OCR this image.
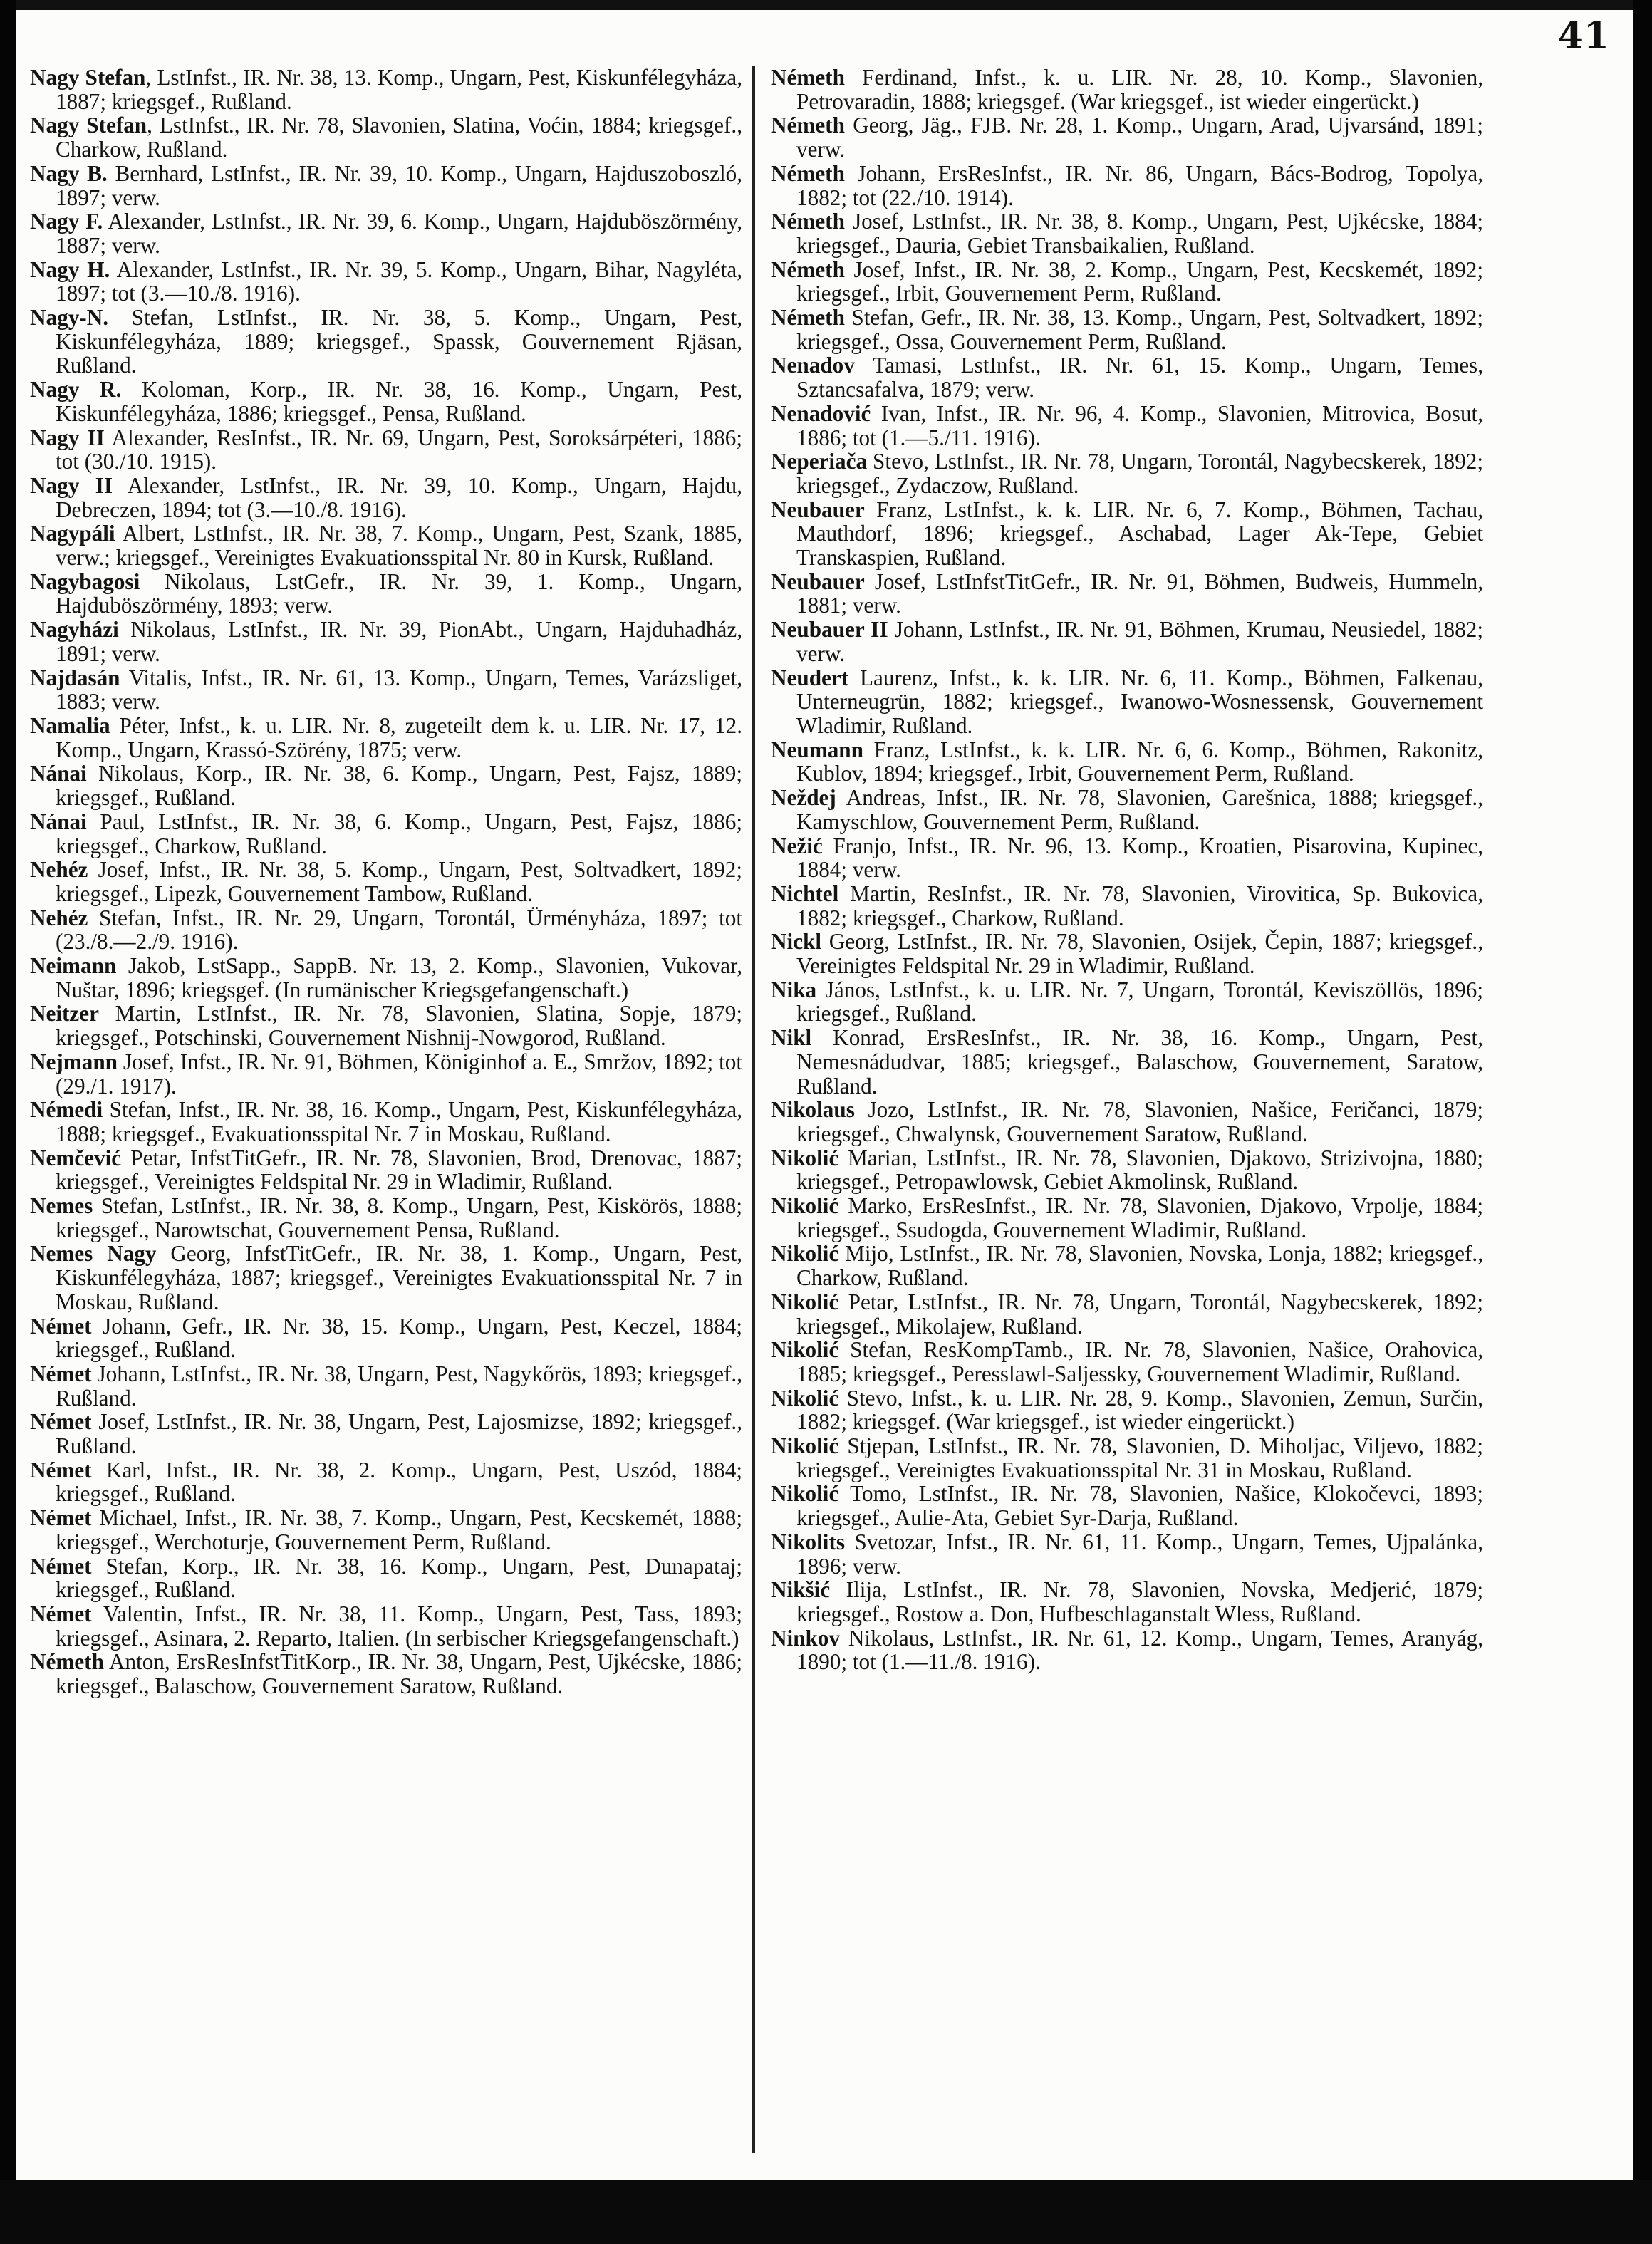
41

Nagy Stefan, LstInfst., IR. Nr. 38, 13. Komp., Ungarn, Pest, Kiskunfélegyháza, 1887; kriegsgef., Rußland.

Nagy Stefan, LstInfst., IR. Nr. 78, Slavonien, Slatina, Voćin, 1884; kriegsgef., Charkow, Rußland.

Nagy B. Bernhard, LstInfst., IR. Nr. 39, 10. Komp., Ungarn, Hajduszoboszló, 1897; verw.

Nagy F. Alexander, LstInfst., IR. Nr. 39, 6. Komp., Ungarn, Hajduböszörmény, 1887; verw.

Nagy H. Alexander, LstInfst., IR. Nr. 39, 5. Komp., Ungarn, Bihar, Nagyléta, 1897; tot (3.—10./8. 1916).

Nagy-N. Stefan, LstInfst., IR. Nr. 38, 5. Komp., Ungarn, Pest, Kiskunfélegyháza, 1889; kriegsgef., Spassk, Gouvernement Rjäsan, Rußland.

Nagy R. Koloman, Korp., IR. Nr. 38, 16. Komp., Ungarn, Pest, Kiskunfélegyháza, 1886; kriegsgef., Pensa, Rußland.

Nagy II Alexander, ResInfst., IR. Nr. 69, Ungarn, Pest, Soroksárpéteri, 1886; tot (30./10. 1915).

Nagy II Alexander, LstInfst., IR. Nr. 39, 10. Komp., Ungarn, Hajdu, Debreczen, 1894; tot (3.—10./8. 1916).

Nagypáli Albert, LstInfst., IR. Nr. 38, 7. Komp., Ungarn, Pest, Szank, 1885, verw.; kriegsgef., Vereinigtes Evakuationsspital Nr. 80 in Kursk, Rußland.

Nagybagosi Nikolaus, LstGefr., IR. Nr. 39, 1. Komp., Ungarn, Hajduböszörmény, 1893; verw.

Nagyházi Nikolaus, LstInfst., IR. Nr. 39, PionAbt., Ungarn, Hajduhadház, 1891; verw.

Najdasán Vitalis, Infst., IR. Nr. 61, 13. Komp., Ungarn, Temes, Varázsliget, 1883; verw.

Namalia Péter, Infst., k. u. LIR. Nr. 8, zugeteilt dem k. u. LIR. Nr. 17, 12. Komp., Ungarn, Krassó-Szörény, 1875; verw.

Nánai Nikolaus, Korp., IR. Nr. 38, 6. Komp., Ungarn, Pest, Fajsz, 1889; kriegsgef., Rußland.

Nánai Paul, LstInfst., IR. Nr. 38, 6. Komp., Ungarn, Pest, Fajsz, 1886; kriegsgef., Charkow, Rußland.

Nehéz Josef, Infst., IR. Nr. 38, 5. Komp., Ungarn, Pest, Soltvadkert, 1892; kriegsgef., Lipezk, Gouvernement Tambow, Rußland.

Nehéz Stefan, Infst., IR. Nr. 29, Ungarn, Torontál, Ürményháza, 1897; tot (23./8.—2./9. 1916).

Neimann Jakob, LstSapp., SappB. Nr. 13, 2. Komp., Slavonien, Vukovar, Nuštar, 1896; kriegsgef. (In rumänischer Kriegsgefangenschaft.)

Neitzer Martin, LstInfst., IR. Nr. 78, Slavonien, Slatina, Sopje, 1879; kriegsgef., Potschinski, Gouvernement Nishnij-Nowgorod, Rußland.

Nejmann Josef, Infst., IR. Nr. 91, Böhmen, Königinhof a. E., Smržov, 1892; tot (29./1. 1917).

Némedi Stefan, Infst., IR. Nr. 38, 16. Komp., Ungarn, Pest, Kiskunfélegyháza, 1888; kriegsgef., Evakuationsspital Nr. 7 in Moskau, Rußland.

Nemčević Petar, InfstTitGefr., IR. Nr. 78, Slavonien, Brod, Drenovac, 1887; kriegsgef., Vereinigtes Feldspital Nr. 29 in Wladimir, Rußland.

Nemes Stefan, LstInfst., IR. Nr. 38, 8. Komp., Ungarn, Pest, Kiskörös, 1888; kriegsgef., Narowtschat, Gouvernement Pensa, Rußland.

Nemes Nagy Georg, InfstTitGefr., IR. Nr. 38, 1. Komp., Ungarn, Pest, Kiskunfélegyháza, 1887; kriegsgef., Vereinigtes Evakuationsspital Nr. 7 in Moskau, Rußland.

Német Johann, Gefr., IR. Nr. 38, 15. Komp., Ungarn, Pest, Keczel, 1884; kriegsgef., Rußland.

Német Johann, LstInfst., IR. Nr. 38, Ungarn, Pest, Nagykőrös, 1893; kriegsgef., Rußland.

Német Josef, LstInfst., IR. Nr. 38, Ungarn, Pest, Lajosmizse, 1892; kriegsgef., Rußland.

Német Karl, Infst., IR. Nr. 38, 2. Komp., Ungarn, Pest, Uszód, 1884; kriegsgef., Rußland.

Német Michael, Infst., IR. Nr. 38, 7. Komp., Ungarn, Pest, Kecskemét, 1888; kriegsgef., Werchoturje, Gouvernement Perm, Rußland.

Német Stefan, Korp., IR. Nr. 38, 16. Komp., Ungarn, Pest, Dunapataj; kriegsgef., Rußland.

Német Valentin, Infst., IR. Nr. 38, 11. Komp., Ungarn, Pest, Tass, 1893; kriegsgef., Asinara, 2. Reparto, Italien. (In serbischer Kriegsgefangenschaft.)

Németh Anton, ErsResInfstTitKorp., IR. Nr. 38, Ungarn, Pest, Ujkécske, 1886; kriegsgef., Balaschow, Gouvernement Saratow, Rußland.

Németh Ferdinand, Infst., k. u. LIR. Nr. 28, 10. Komp., Slavonien, Petrovaradin, 1888; kriegsgef. (War kriegsgef., ist wieder eingerückt.)

Németh Georg, Jäg., FJB. Nr. 28, 1. Komp., Ungarn, Arad, Ujvarsánd, 1891; verw.

Németh Johann, ErsResInfst., IR. Nr. 86, Ungarn, Bács-Bodrog, Topolya, 1882; tot (22./10. 1914).

Németh Josef, LstInfst., IR. Nr. 38, 8. Komp., Ungarn, Pest, Ujkécske, 1884; kriegsgef., Dauria, Gebiet Transbaikalien, Rußland.

Németh Josef, Infst., IR. Nr. 38, 2. Komp., Ungarn, Pest, Kecskemét, 1892; kriegsgef., Irbit, Gouvernement Perm, Rußland.

Németh Stefan, Gefr., IR. Nr. 38, 13. Komp., Ungarn, Pest, Soltvadkert, 1892; kriegsgef., Ossa, Gouvernement Perm, Rußland.

Nenadov Tamasi, LstInfst., IR. Nr. 61, 15. Komp., Ungarn, Temes, Sztancsafalva, 1879; verw.

Nenadović Ivan, Infst., IR. Nr. 96, 4. Komp., Slavonien, Mitrovica, Bosut, 1886; tot (1.—5./11. 1916).

Neperiača Stevo, LstInfst., IR. Nr. 78, Ungarn, Torontál, Nagybecskerek, 1892; kriegsgef., Zydaczow, Rußland.

Neubauer Franz, LstInfst., k. k. LIR. Nr. 6, 7. Komp., Böhmen, Tachau, Mauthdorf, 1896; kriegsgef., Aschabad, Lager Ak-Tepe, Gebiet Transkaspien, Rußland.

Neubauer Josef, LstInfstTitGefr., IR. Nr. 91, Böhmen, Budweis, Hummeln, 1881; verw.

Neubauer II Johann, LstInfst., IR. Nr. 91, Böhmen, Krumau, Neusiedel, 1882; verw.

Neudert Laurenz, Infst., k. k. LIR. Nr. 6, 11. Komp., Böhmen, Falkenau, Unterneugrün, 1882; kriegsgef., Iwanowo-Wosnessensk, Gouvernement Wladimir, Rußland.

Neumann Franz, LstInfst., k. k. LIR. Nr. 6, 6. Komp., Böhmen, Rakonitz, Kublov, 1894; kriegsgef., Irbit, Gouvernement Perm, Rußland.

Neždej Andreas, Infst., IR. Nr. 78, Slavonien, Garešnica, 1888; kriegsgef., Kamyschlow, Gouvernement Perm, Rußland.

Nežić Franjo, Infst., IR. Nr. 96, 13. Komp., Kroatien, Pisarovina, Kupinec, 1884; verw.

Nichtel Martin, ResInfst., IR. Nr. 78, Slavonien, Virovitica, Sp. Bukovica, 1882; kriegsgef., Charkow, Rußland.

Nickl Georg, LstInfst., IR. Nr. 78, Slavonien, Osijek, Čepin, 1887; kriegsgef., Vereinigtes Feldspital Nr. 29 in Wladimir, Rußland.

Nika János, LstInfst., k. u. LIR. Nr. 7, Ungarn, Torontál, Keviszöllös, 1896; kriegsgef., Rußland.

Nikl Konrad, ErsResInfst., IR. Nr. 38, 16. Komp., Ungarn, Pest, Nemesnádudvar, 1885; kriegsgef., Balaschow, Gouvernement, Saratow, Rußland.

Nikolaus Jozo, LstInfst., IR. Nr. 78, Slavonien, Našice, Feričanci, 1879; kriegsgef., Chwalynsk, Gouvernement Saratow, Rußland.

Nikolić Marian, LstInfst., IR. Nr. 78, Slavonien, Djakovo, Strizivojna, 1880; kriegsgef., Petropawlowsk, Gebiet Akmolinsk, Rußland.

Nikolić Marko, ErsResInfst., IR. Nr. 78, Slavonien, Djakovo, Vrpolje, 1884; kriegsgef., Ssudogda, Gouvernement Wladimir, Rußland.

Nikolić Mijo, LstInfst., IR. Nr. 78, Slavonien, Novska, Lonja, 1882; kriegsgef., Charkow, Rußland.

Nikolić Petar, LstInfst., IR. Nr. 78, Ungarn, Torontál, Nagybecskerek, 1892; kriegsgef., Mikolajew, Rußland.

Nikolić Stefan, ResKompTamb., IR. Nr. 78, Slavonien, Našice, Orahovica, 1885; kriegsgef., Peresslawl-Saljesskу, Gouvernement Wladimir, Rußland.

Nikolić Stevo, Infst., k. u. LIR. Nr. 28, 9. Komp., Slavonien, Zemun, Surčin, 1882; kriegsgef. (War kriegsgef., ist wieder eingerückt.)

Nikolić Stjepan, LstInfst., IR. Nr. 78, Slavonien, D. Miholjac, Viljevo, 1882; kriegsgef., Vereinigtes Evakuationsspital Nr. 31 in Moskau, Rußland.

Nikolić Tomo, LstInfst., IR. Nr. 78, Slavonien, Našice, Klokočevci, 1893; kriegsgef., Aulie-Ata, Gebiet Syr-Darja, Rußland.

Nikolits Svetozar, Infst., IR. Nr. 61, 11. Komp., Ungarn, Temes, Ujpalánka, 1896; verw.

Nikšić Ilija, LstInfst., IR. Nr. 78, Slavonien, Novska, Medjerić, 1879; kriegsgef., Rostow a. Don, Hufbeschlaganstalt Wless, Rußland.

Ninkov Nikolaus, LstInfst., IR. Nr. 61, 12. Komp., Ungarn, Temes, Aranyág, 1890; tot (1.—11./8. 1916).
